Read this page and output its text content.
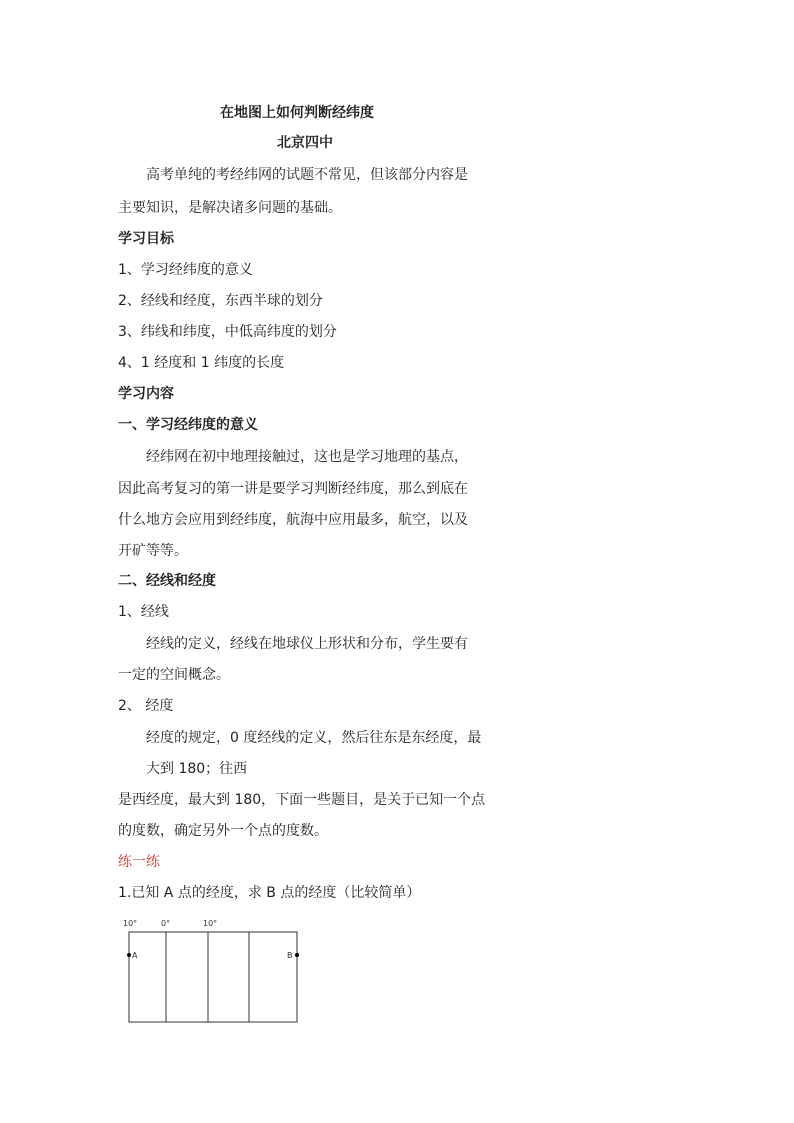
在地图上如何判断经纬度
北京四中
高考单纯的考经纬网的试题不常见，但该部分内容是
主要知识，是解决诸多问题的基础。
学习目标
1、学习经纬度的意义
2、经线和经度，东西半球的划分
3、纬线和纬度，中低高纬度的划分
4、1 经度和 1 纬度的长度
学习内容
一、学习经纬度的意义
经纬网在初中地理接触过，这也是学习地理的基点，
因此高考复习的第一讲是要学习判断经纬度，那么到底在
什么地方会应用到经纬度，航海中应用最多，航空，以及
开矿等等。
二、经线和经度
1、经线
经线的定义，经线在地球仪上形状和分布，学生要有
一定的空间概念。
2、 经度
经度的规定，0 度经线的定义，然后往东是东经度，最
大到 180；往西
是西经度，最大到 180，下面一些题目，是关于已知一个点
的度数，确定另外一个点的度数。
练一练
1.已知 A 点的经度，求 B 点的经度（比较简单）
10°	0°	10°
A	B
